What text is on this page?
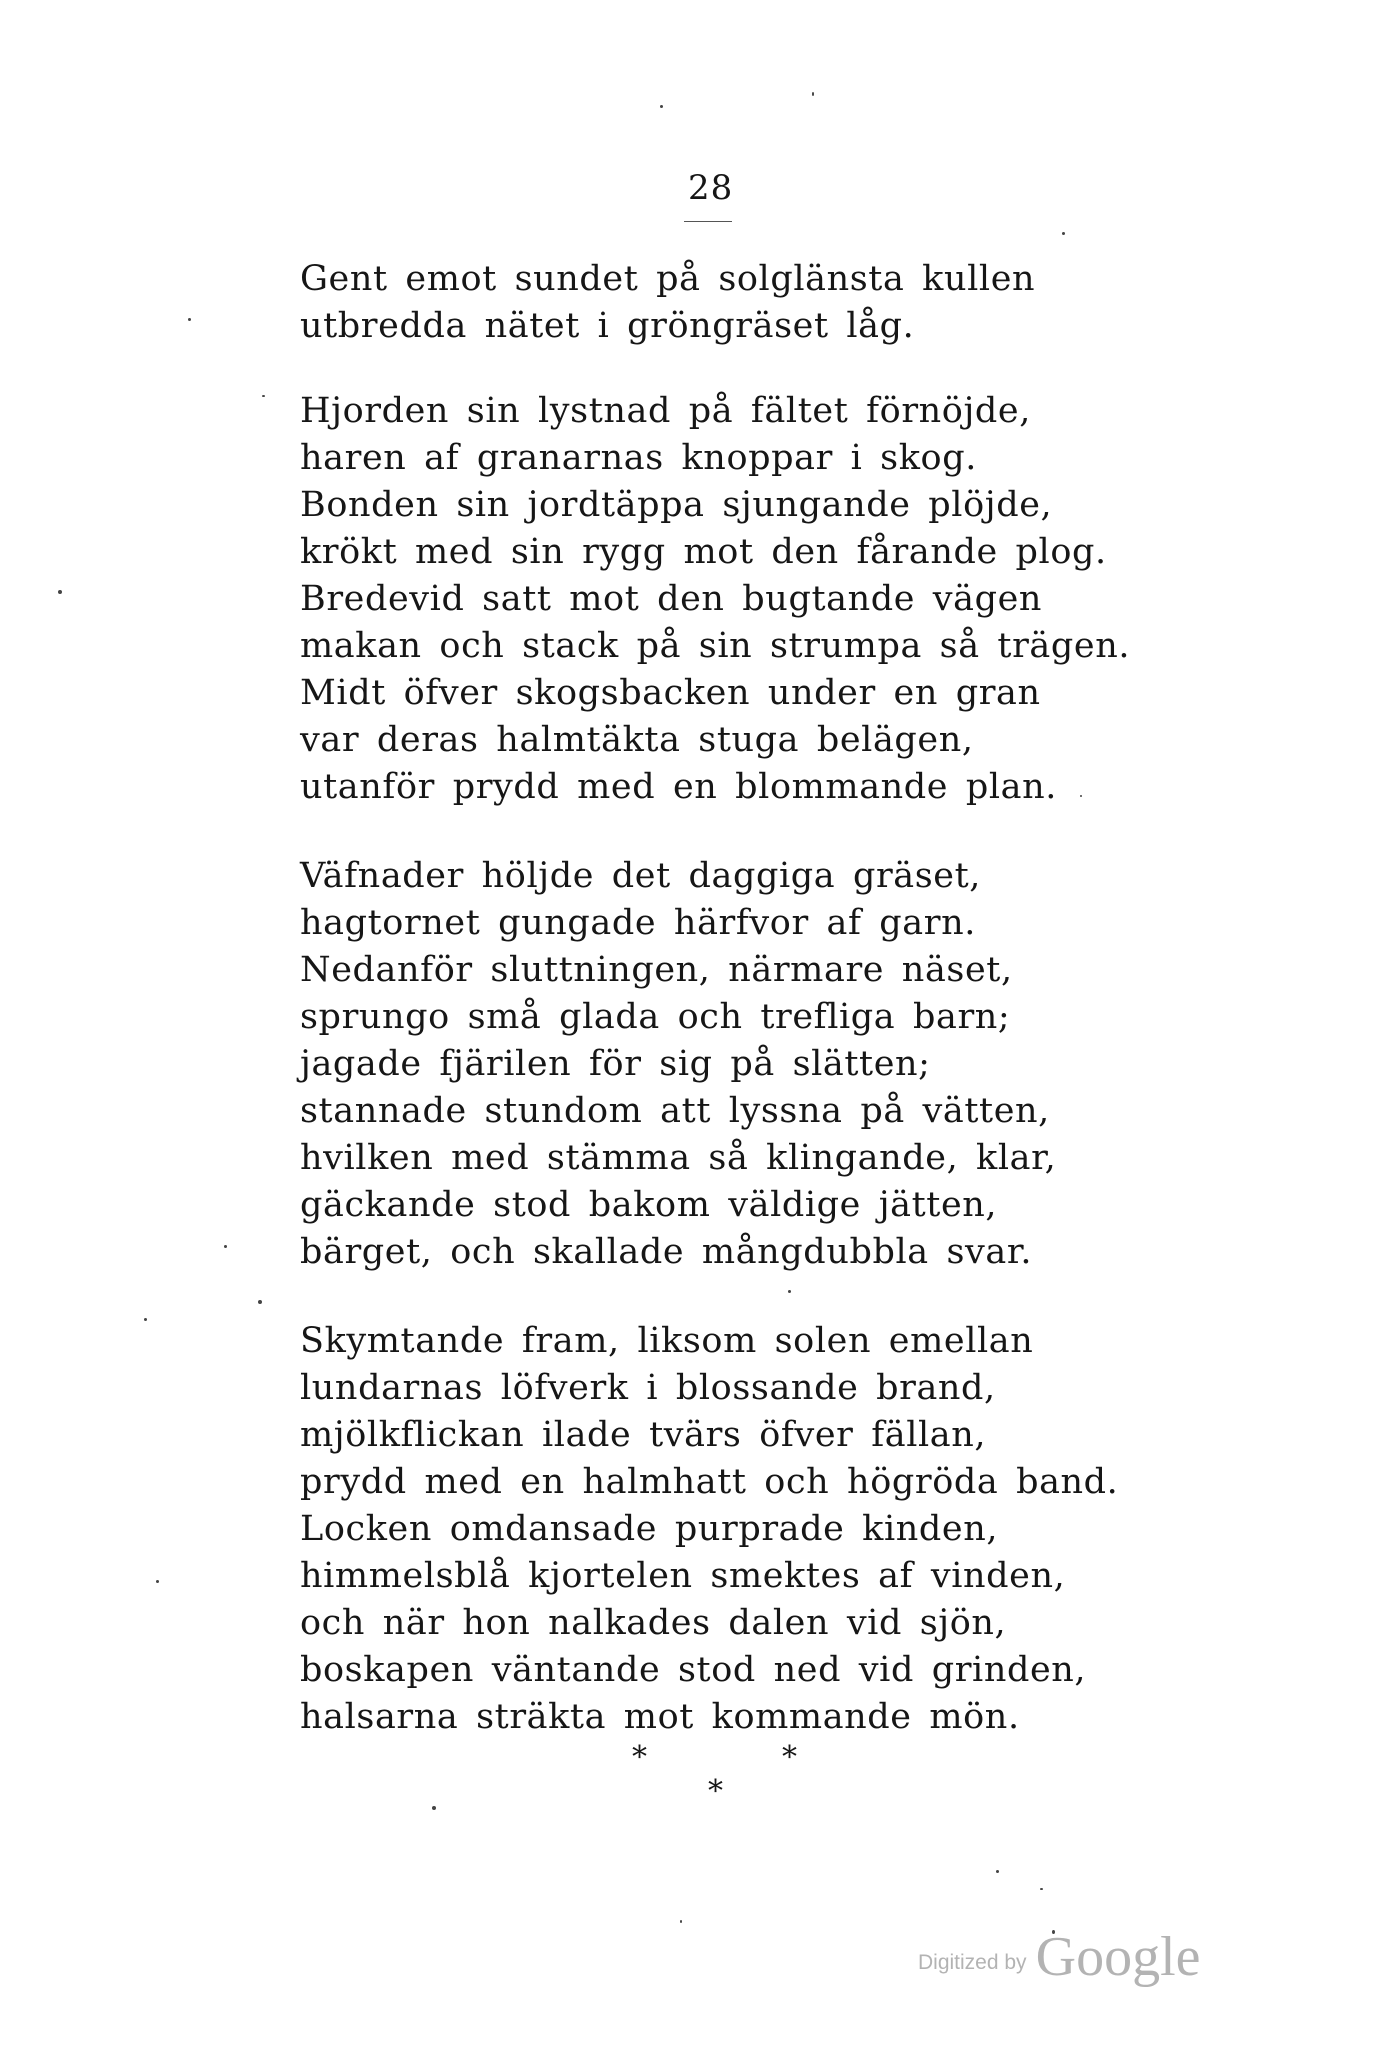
28
Gent emot sundet på solglänsta kullen
utbredda nätet i gröngräset låg.
Hjorden sin lystnad på fältet förnöjde,
haren af granarnas knoppar i skog.
Bonden sin jordtäppa sjungande plöjde,
krökt med sin rygg mot den fårande plog.
Bredevid satt mot den bugtande vägen
makan och stack på sin strumpa så trägen.
Midt öfver skogsbacken under en gran
var deras halmtäkta stuga belägen,
utanför prydd med en blommande plan.
Väfnader höljde det daggiga gräset,
hagtornet gungade härfvor af garn.
Nedanför sluttningen, närmare näset,
sprungo små glada och trefliga barn;
jagade fjärilen för sig på slätten;
stannade stundom att lyssna på vätten,
hvilken med stämma så klingande, klar,
gäckande stod bakom väldige jätten,
bärget, och skallade mångdubbla svar.
Skymtande fram, liksom solen emellan
lundarnas löfverk i blossande brand,
mjölkflickan ilade tvärs öfver fällan,
prydd med en halmhatt och högröda band.
Locken omdansade purprade kinden,
himmelsblå kjortelen smektes af vinden,
och när hon nalkades dalen vid sjön,
boskapen väntande stod ned vid grinden,
halsarna sträkta mot kommande mön.
*	*
*
Digitized by Google
